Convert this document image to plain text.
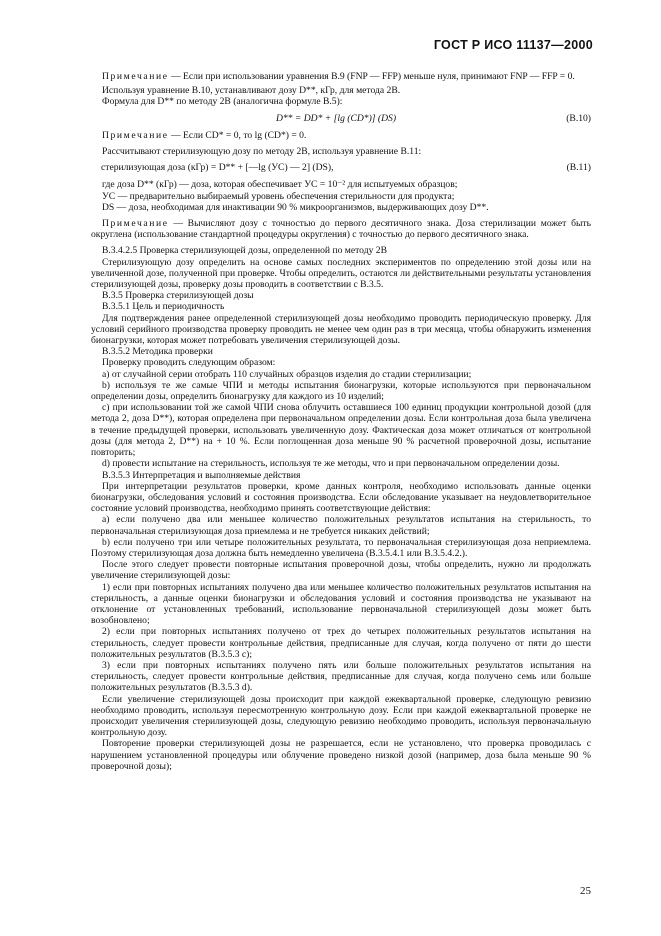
ГОСТ Р ИСО 11137—2000

Примечание — Если при использовании уравнения В.9 (FNP — FFP) меньше нуля, принимают FNP — FFP = 0.

Используя уравнение В.10, устанавливают дозу D**, кГр, для метода 2В.

Формула для D** по методу 2В (аналогична формуле В.5):

D** = DD* + [lg (CD*)] (DS)	(В.10)

Примечание — Если CD* = 0, то lg (CD*) = 0.

Рассчитывают стерилизующую дозу по методу 2В, используя уравнение В.11:

стерилизующая доза (кГр) = D** + [—lg (УС) — 2] (DS),	(В.11)

где доза D** (кГр) — доза, которая обеспечивает УС = 10⁻² для испытуемых образцов;

УС — предварительно выбираемый уровень обеспечения стерильности для продукта;

DS — доза, необходимая для инактивации 90 % микроорганизмов, выдерживающих дозу D**.

Примечание — Вычисляют дозу с точностью до первого десятичного знака. Доза стерилизации может быть округлена (использование стандартной процедуры округления) с точностью до первого десятичного знака.

В.3.4.2.5 Проверка стерилизующей дозы, определенной по методу 2В

Стерилизующую дозу определить на основе самых последних экспериментов по определению этой дозы или на увеличенной дозе, полученной при проверке. Чтобы определить, остаются ли действительными результаты установления стерилизующей дозы, проверку дозы проводить в соответствии с В.3.5.

В.3.5 Проверка стерилизующей дозы

В.3.5.1 Цель и периодичность

Для подтверждения ранее определенной стерилизующей дозы необходимо проводить периодическую проверку. Для условий серийного производства проверку проводить не менее чем один раз в три месяца, чтобы обнаружить изменения бионагрузки, которая может потребовать увеличения стерилизующей дозы.

В.3.5.2 Методика проверки

Проверку проводить следующим образом:

a) от случайной серии отобрать 110 случайных образцов изделия до стадии стерилизации;

b) используя те же самые ЧПИ и методы испытания бионагрузки, которые используются при первоначальном определении дозы, определить бионагрузку для каждого из 10 изделий;

c) при использовании той же самой ЧПИ снова облучить оставшиеся 100 единиц продукции контрольной дозой (для метода 2, доза D**), которая определена при первоначальном определении дозы. Если контрольная доза была увеличена в течение предыдущей проверки, использовать увеличенную дозу. Фактическая доза может отличаться от контрольной дозы (для метода 2, D**) на + 10 %. Если поглощенная доза меньше 90 % расчетной проверочной дозы, испытание повторить;

d) провести испытание на стерильность, используя те же методы, что и при первоначальном определении дозы.

В.3.5.3 Интерпретация и выполняемые действия

При интерпретации результатов проверки, кроме данных контроля, необходимо использовать данные оценки бионагрузки, обследования условий и состояния производства. Если обследование указывает на неудовлетворительное состояние условий производства, необходимо принять соответствующие действия:

a) если получено два или меньшее количество положительных результатов испытания на стерильность, то первоначальная стерилизующая доза приемлема и не требуется никаких действий;

b) если получено три или четыре положительных результата, то первоначальная стерилизующая доза неприемлема. Поэтому стерилизующая доза должна быть немедленно увеличена (В.3.5.4.1 или В.3.5.4.2.).

После этого следует провести повторные испытания проверочной дозы, чтобы определить, нужно ли продолжать увеличение стерилизующей дозы:

1) если при повторных испытаниях получено два или меньшее количество положительных результатов испытания на стерильность, а данные оценки бионагрузки и обследования условий и состояния производства не указывают на отклонение от установленных требований, использование первоначальной стерилизующей дозы может быть возобновлено;

2) если при повторных испытаниях получено от трех до четырех положительных результатов испытания на стерильность, следует провести контрольные действия, предписанные для случая, когда получено от пяти до шести положительных результатов (В.3.5.3 с);

3) если при повторных испытаниях получено пять или больше положительных результатов испытания на стерильность, следует провести контрольные действия, предписанные для случая, когда получено семь или больше положительных результатов (В.3.5.3 d).

Если увеличение стерилизующей дозы происходит при каждой ежеквартальной проверке, следующую ревизию необходимо проводить, используя пересмотренную контрольную дозу. Если при каждой ежеквартальной проверке не происходит увеличения стерилизующей дозы, следующую ревизию необходимо проводить, используя первоначальную контрольную дозу.

Повторение проверки стерилизующей дозы не разрешается, если не установлено, что проверка проводилась с нарушением установленной процедуры или облучение проведено низкой дозой (например, доза была меньше 90 % проверочной дозы);

25
